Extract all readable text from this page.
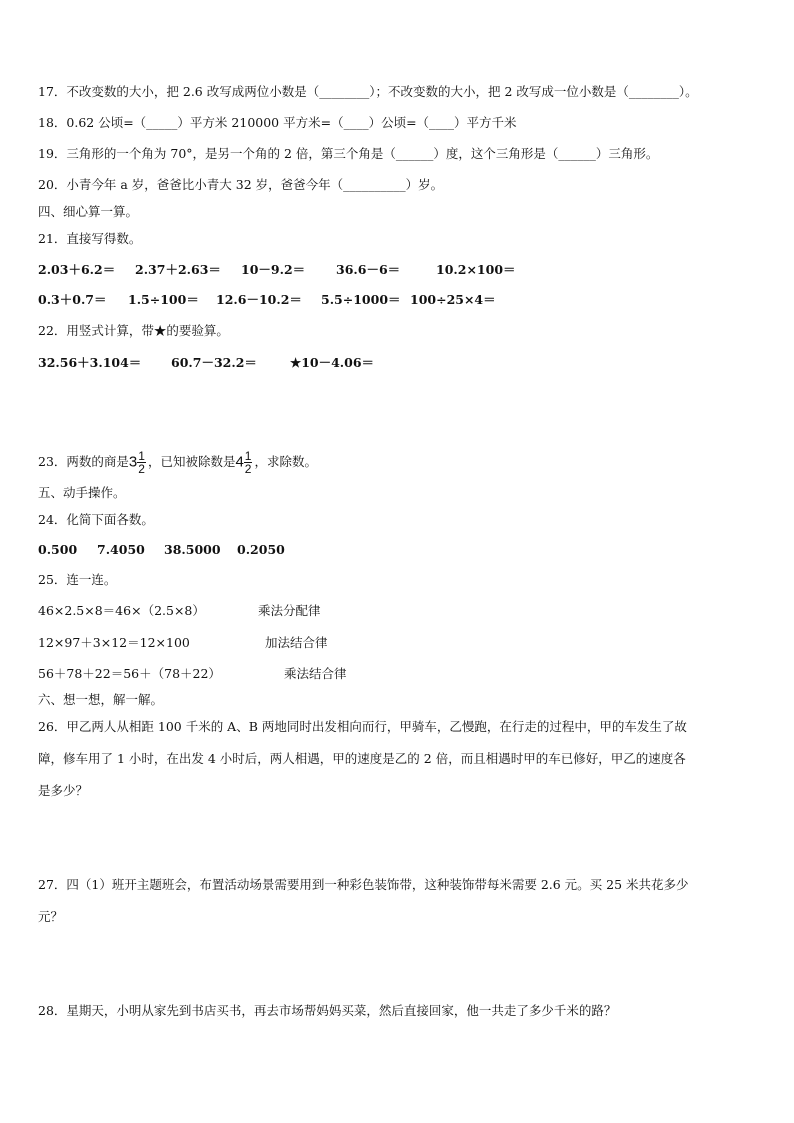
17．不改变数的大小，把 2.6 改写成两位小数是（________）；不改变数的大小，把 2 改写成一位小数是（________）。
18．0.62 公顷=（_____）平方米 210000 平方米=（____）公顷=（____）平方千米
19．三角形的一个角为 70°，是另一个角的 2 倍，第三个角是（______）度，这个三角形是（______）三角形。
20．小青今年 a 岁，爸爸比小青大 32 岁，爸爸今年（__________）岁。
四、细心算一算。
21．直接写得数。
2.03＋6.2＝ 2.37＋2.63＝ 10－9.2＝ 36.6－6＝	10.2×100＝
0.3＋0.7＝ 1.5÷100＝ 12.6－10.2＝ 5.5÷1000＝ 100÷25×4＝
22．用竖式计算，带★的要验算。
32.56＋3.104＝ 60.7－32.2＝	★10－4.06＝
23．两数的商是$3 \frac{1}{2}$ ，已知被除数是$4 \frac{1}{2}$ ，求除数。
五、动手操作。
24．化简下面各数。
0.500 7.4050 38.5000 0.2050
25．连一连。
46×2.5×8＝46×（2.5×8）	乘法分配律
12×97＋3×12＝12×100	加法结合律
56＋78＋22＝56＋（78＋22）	乘法结合律
六、想一想，解一解。
26．甲乙两人从相距 100 千米的 A、B 两地同时出发相向而行，甲骑车，乙慢跑，在行走的过程中，甲的车发生了故
障，修车用了 1 小时，在出发 4 小时后，两人相遇，甲的速度是乙的 2 倍，而且相遇时甲的车已修好，甲乙的速度各
是多少？
27．四（1）班开主题班会，布置活动场景需要用到一种彩色装饰带，这种装饰带每米需要 2.6 元。买 25 米共花多少
元？
28．星期天，小明从家先到书店买书，再去市场帮妈妈买菜，然后直接回家，他一共走了多少千米的路？
